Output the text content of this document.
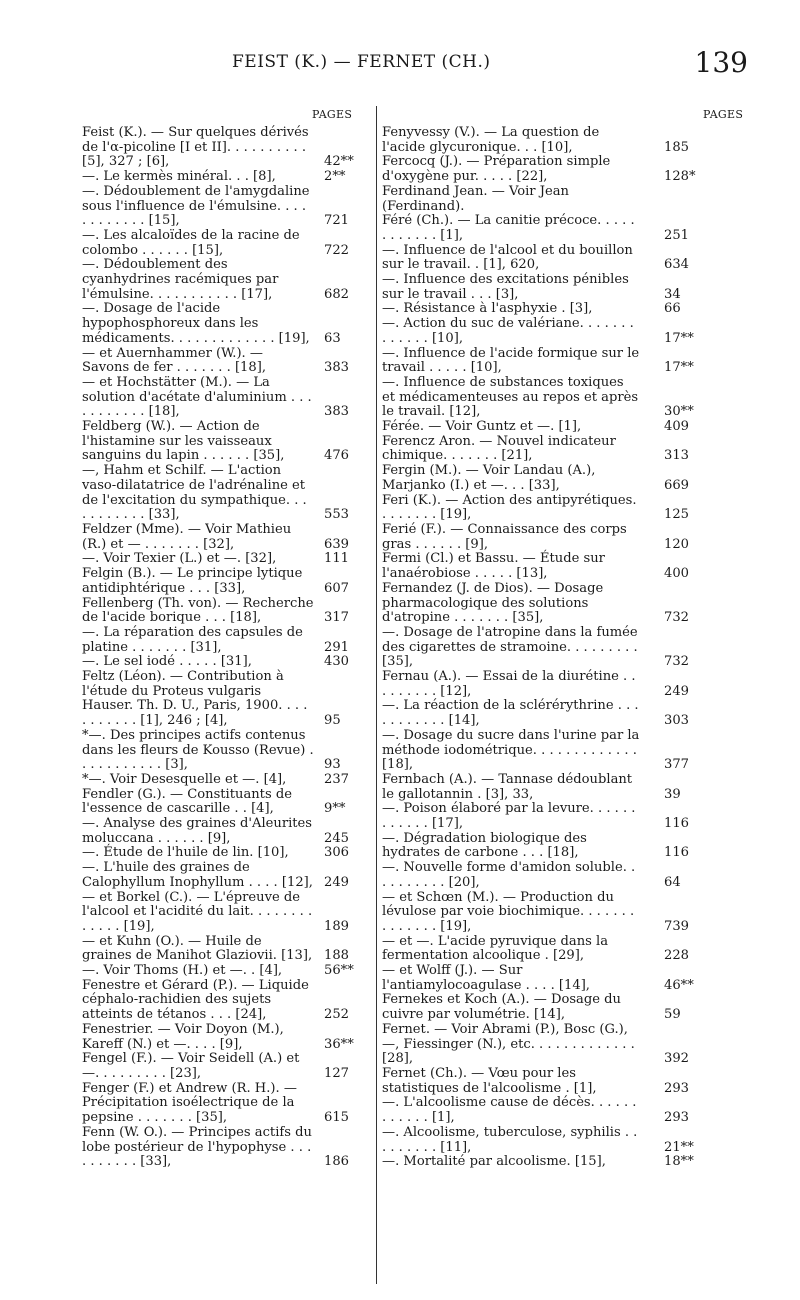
FEIST (K.) — FERNET (CH.)	139
PAGES	PAGES
Feist (K.). — Sur quelques dérivés de l'α-picoline [I et II]. . . . . . . . . . [5], 327 ; [6],	42**
—. Le kermès minéral. . . [8],	2**
—. Dédoublement de l'amygdaline sous l'influence de l'émulsine. . . . . . . . . . . . [15],	721
—. Les alcaloïdes de la racine de colombo . . . . . . [15],	722
—. Dédoublement des cyanhydrines racémiques par l'émulsine. . . . . . . . . . . [17],	682
—. Dosage de l'acide hypophosphoreux dans les médicaments. . . . . . . . . . . . . [19],	63
— et Auernhammer (W.). — Savons de fer . . . . . . . [18],	383
— et Hochstätter (M.). — La solution d'acétate d'aluminium . . . . . . . . . . . [18],	383
Feldberg (W.). — Action de l'histamine sur les vaisseaux sanguins du lapin . . . . . . [35],	476
—, Hahm et Schilf. — L'action vaso-dilatatrice de l'adrénaline et de l'excitation du sympathique. . . . . . . . . . . [33],	553
Feldzer (Mme). — Voir Mathieu (R.) et — . . . . . . . [32],	639
—. Voir Texier (L.) et —. [32],	111
Felgin (B.). — Le principe lytique antidiphtérique . . . [33],	607
Fellenberg (Th. von). — Recherche de l'acide borique . . . [18],	317
—. La réparation des capsules de platine . . . . . . . [31],	291
—. Le sel iodé . . . . . [31],	430
Feltz (Léon). — Contribution à l'étude du Proteus vulgaris Hauser. Th. D. U., Paris, 1900. . . . . . . . . . . [1], 246 ; [4],	95
*—. Des principes actifs contenus dans les fleurs de Kousso (Revue) . . . . . . . . . . . [3],	93
*—. Voir Desesquelle et —. [4],	237
Fendler (G.). — Constituants de l'essence de cascarille . . [4],	9**
—. Analyse des graines d'Aleurites moluccana . . . . . . [9],	245
—. Étude de l'huile de lin. [10],	306
—. L'huile des graines de Calophyllum Inophyllum . . . . [12], 249
— et Borkel (C.). — L'épreuve de l'alcool et l'acidité du lait. . . . . . . . . . . . . [19],	189
— et Kuhn (O.). — Huile de graines de Manihot Glaziovii. [13], 188
—. Voir Thoms (H.) et —. . [4],	56**
Fenestre et Gérard (P.). — Liquide céphalo-rachidien des sujets atteints de tétanos . . . [24],	252
Fenestrier. — Voir Doyon (M.), Kareff (N.) et —. . . . [9],	36**
Fengel (F.). — Voir Seidell (A.) et —. . . . . . . . . [23],	127
Fenger (F.) et Andrew (R. H.). — Précipitation isoélectrique de la pepsine . . . . . . . [35],	615
Fenn (W. O.). — Principes actifs du lobe postérieur de l'hypophyse . . . . . . . . . . [33],	186
Fenyvessy (V.). — La question de l'acide glycuronique. . . [10],	185
Fercocq (J.). — Préparation simple d'oxygène pur. . . . . [22],	128*
Ferdinand Jean. — Voir Jean (Ferdinand).
Féré (Ch.). — La canitie précoce. . . . . . . . . . . . [1],	251
—. Influence de l'alcool et du bouillon sur le travail. . [1], 620,	634
—. Influence des excitations pénibles sur le travail . . . [3],	34
—. Résistance à l'asphyxie . [3],	66
—. Action du suc de valériane. . . . . . . . . . . . . [10],	17**
—. Influence de l'acide formique sur le travail . . . . . [10],	17**
—. Influence de substances toxiques et médicamenteuses au repos et après le travail. [12],	30**
Férée. — Voir Guntz et —. [1],	409
Ferencz Aron. — Nouvel indicateur chimique. . . . . . . [21],	313
Fergin (M.). — Voir Landau (A.), Marjanko (I.) et —. . . [33],	669
Feri (K.). — Action des antipyrétiques. . . . . . . . [19],	125
Ferié (F.). — Connaissance des corps gras . . . . . . [9],	120
Fermi (Cl.) et Bassu. — Étude sur l'anaérobiose . . . . . [13],	400
Fernandez (J. de Dios). — Dosage pharmacologique des solutions d'atropine . . . . . . . [35],	732
—. Dosage de l'atropine dans la fumée des cigarettes de stramoine. . . . . . . . . [35],	732
Fernau (A.). — Essai de la diurétine . . . . . . . . . [12],	249
—. La réaction de la sclérérythrine . . . . . . . . . . . [14],	303
—. Dosage du sucre dans l'urine par la méthode iodométrique. . . . . . . . . . . . . [18],	377
Fernbach (A.). — Tannase dédoublant le gallotannin . [3], 33,	39
—. Poison élaboré par la levure. . . . . . . . . . . . [17],	116
—. Dégradation biologique des hydrates de carbone . . . [18],	116
—. Nouvelle forme d'amidon soluble. . . . . . . . . . [20],	64
— et Schœn (M.). — Production du lévulose par voie biochimique. . . . . . . . . . . . . . [19],	739
— et —. L'acide pyruvique dans la fermentation alcoolique . [29],	228
— et Wolff (J.). — Sur l'antiamylocoagulase . . . . [14],	46**
Fernekes et Koch (A.). — Dosage du cuivre par volumétrie. [14],	59
Fernet. — Voir Abrami (P.), Bosc (G.), —, Fiessinger (N.), etc. . . . . . . . . . . . . [28],	392
Fernet (Ch.). — Vœu pour les statistiques de l'alcoolisme . [1],	293
—. L'alcoolisme cause de décès. . . . . . . . . . . . [1],	293
—. Alcoolisme, tuberculose, syphilis . . . . . . . . . [11],	21**
—. Mortalité par alcoolisme. [15],	18**
